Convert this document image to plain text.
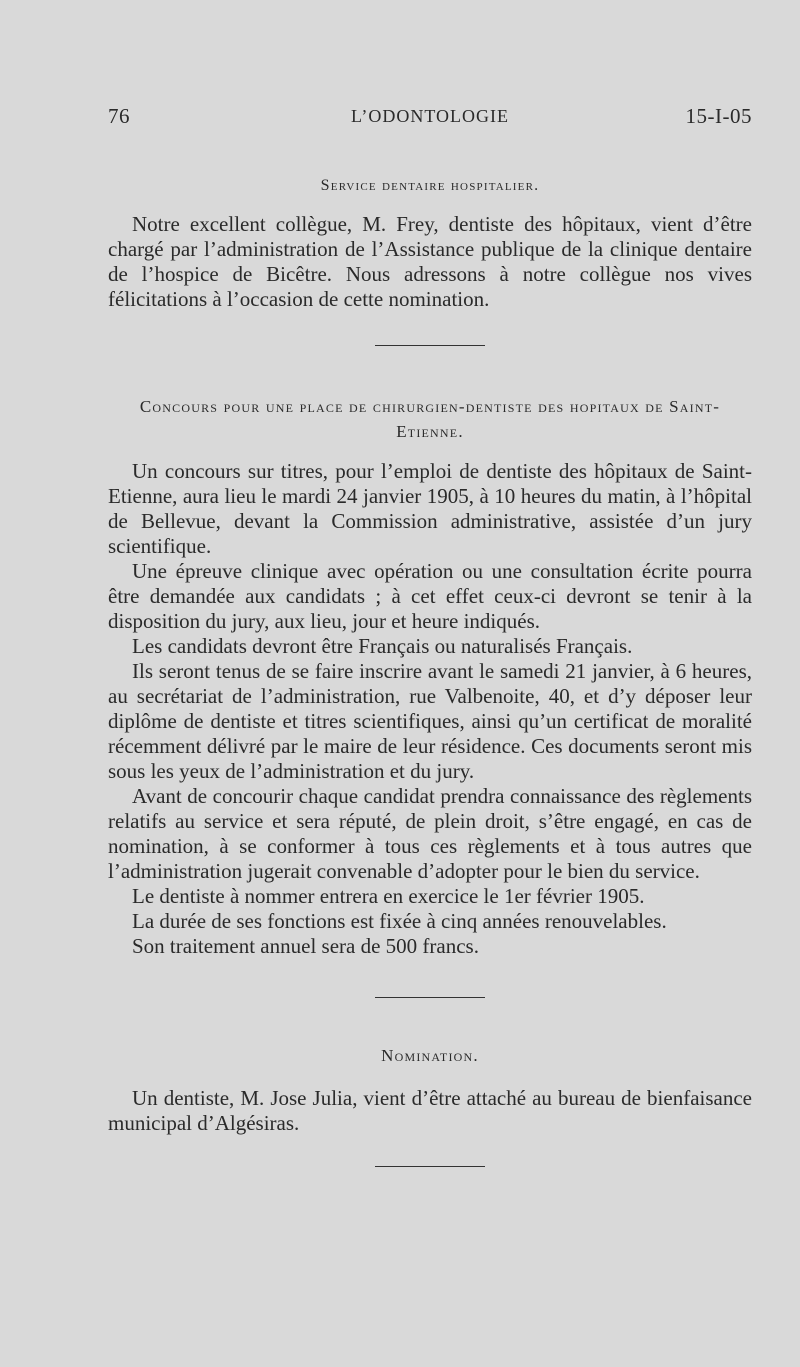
76	L’ODONTOLOGIE	15-I-05
Service dentaire hospitalier.

Notre excellent collègue, M. Frey, dentiste des hôpitaux, vient d’être chargé par l’administration de l’Assistance publique de la clinique dentaire de l’hospice de Bicêtre. Nous adressons à notre collègue nos vives félicitations à l’occasion de cette nomination.

Concours pour une place de chirurgien-dentiste des hopitaux de Saint-Etienne.

Un concours sur titres, pour l’emploi de dentiste des hôpitaux de Saint-Etienne, aura lieu le mardi 24 janvier 1905, à 10 heures du matin, à l’hôpital de Bellevue, devant la Commission administrative, assistée d’un jury scientifique.

Une épreuve clinique avec opération ou une consultation écrite pourra être demandée aux candidats ; à cet effet ceux-ci devront se tenir à la disposition du jury, aux lieu, jour et heure indiqués.

Les candidats devront être Français ou naturalisés Français.

Ils seront tenus de se faire inscrire avant le samedi 21 janvier, à 6 heures, au secrétariat de l’administration, rue Valbenoite, 40, et d’y déposer leur diplôme de dentiste et titres scientifiques, ainsi qu’un certificat de moralité récemment délivré par le maire de leur résidence. Ces documents seront mis sous les yeux de l’administration et du jury.

Avant de concourir chaque candidat prendra connaissance des règlements relatifs au service et sera réputé, de plein droit, s’être engagé, en cas de nomination, à se conformer à tous ces règlements et à tous autres que l’administration jugerait convenable d’adopter pour le bien du service.

Le dentiste à nommer entrera en exercice le 1er février 1905.

La durée de ses fonctions est fixée à cinq années renouvelables.

Son traitement annuel sera de 500 francs.

Nomination.

Un dentiste, M. Jose Julia, vient d’être attaché au bureau de bienfaisance municipal d’Algésiras.
